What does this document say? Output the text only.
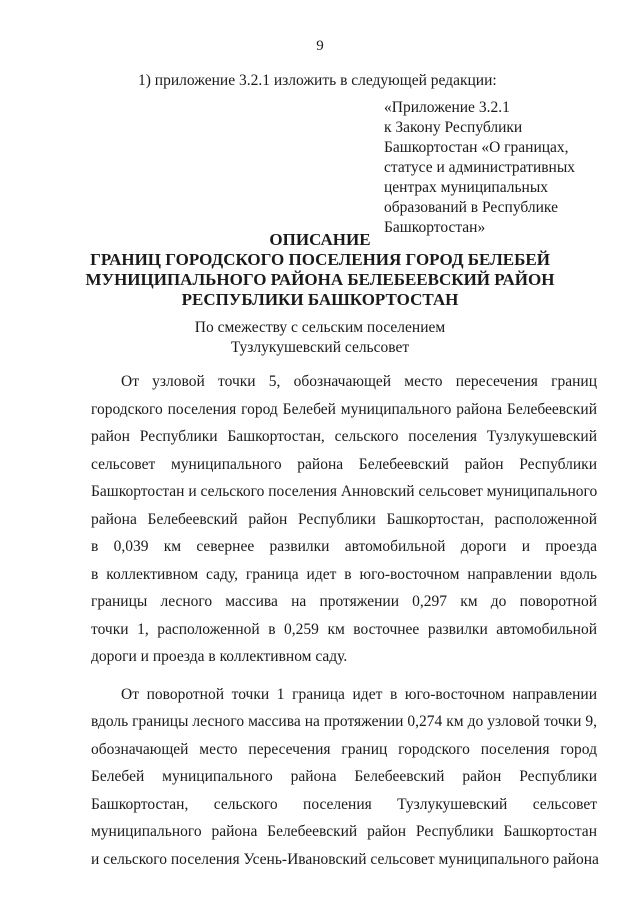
9
1) приложение 3.2.1 изложить в следующей редакции:
«Приложение 3.2.1
к Закону Республики
Башкортостан «О границах,
статусе и административных
центрах муниципальных
образований в Республике
Башкортостан»
ОПИСАНИЕ
ГРАНИЦ ГОРОДСКОГО ПОСЕЛЕНИЯ ГОРОД БЕЛЕБЕЙ
МУНИЦИПАЛЬНОГО РАЙОНА БЕЛЕБЕЕВСКИЙ РАЙОН
РЕСПУБЛИКИ БАШКОРТОСТАН
По смежеству с сельским поселением
Тузлукушевский сельсовет
От узловой точки 5, обозначающей место пересечения границ
городского поселения город Белебей муниципального района Белебеевский
район Республики Башкортостан, сельского поселения Тузлукушевский
сельсовет муниципального района Белебеевский район Республики
Башкортостан и сельского поселения Анновский сельсовет муниципального
района Белебеевский район Республики Башкортостан, расположенной
в 0,039 км севернее развилки автомобильной дороги и проезда
в коллективном саду, граница идет в юго-восточном направлении вдоль
границы лесного массива на протяжении 0,297 км до поворотной
точки 1, расположенной в 0,259 км восточнее развилки автомобильной
дороги и проезда в коллективном саду.
От поворотной точки 1 граница идет в юго-восточном направлении
вдоль границы лесного массива на протяжении 0,274 км до узловой точки 9,
обозначающей место пересечения границ городского поселения город
Белебей муниципального района Белебеевский район Республики
Башкортостан, сельского поселения Тузлукушевский сельсовет
муниципального района Белебеевский район Республики Башкортостан
и сельского поселения Усень-Ивановский сельсовет муниципального района
